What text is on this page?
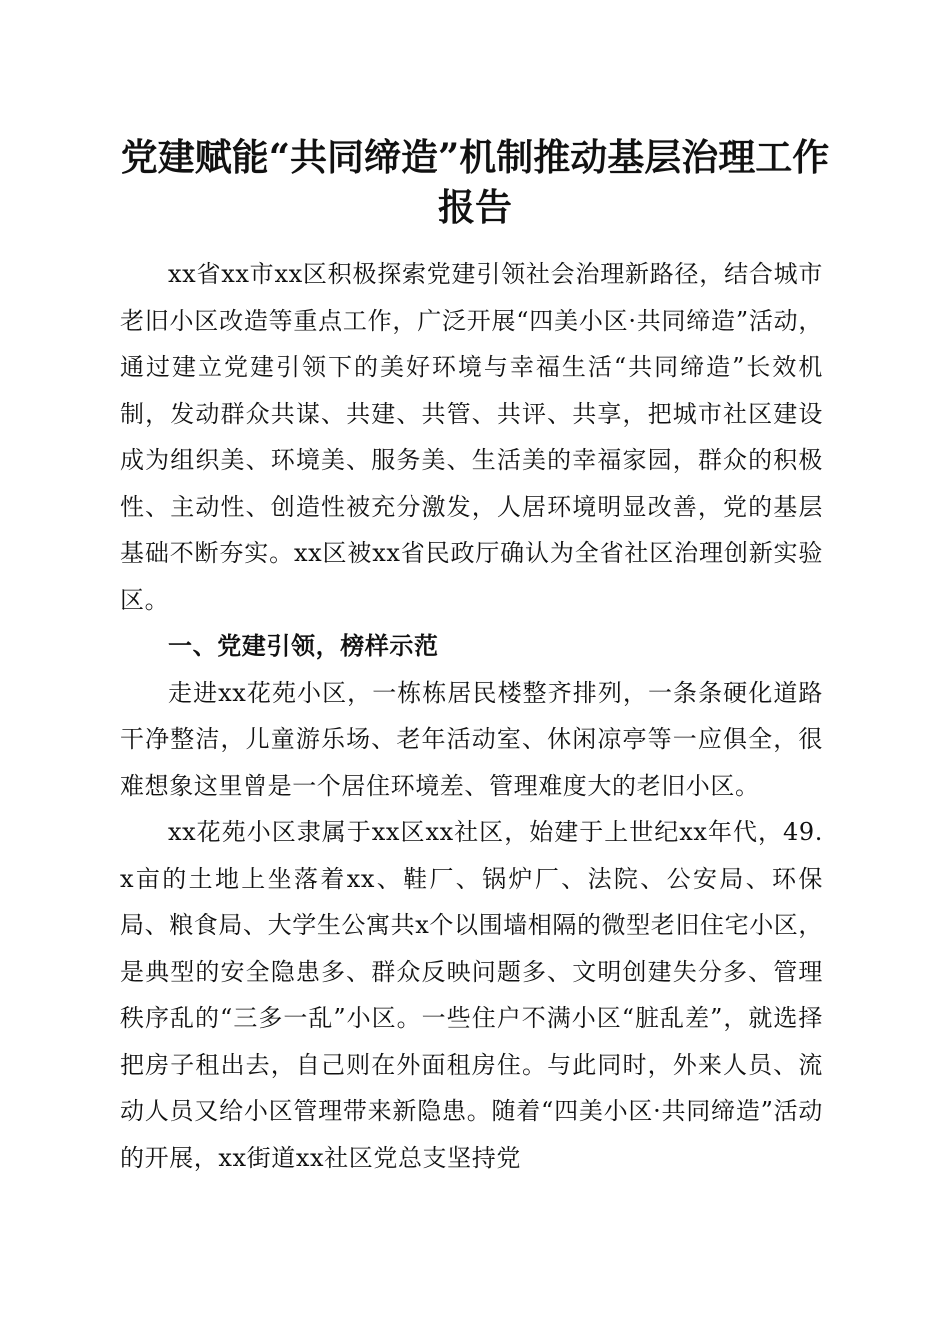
党建赋能“共同缔造”机制推动基层治理工作
报告

xx省xx市xx区积极探索党建引领社会治理新路径，结合城市老旧小区改造等重点工作，广泛开展“四美小区·共同缔造”活动，通过建立党建引领下的美好环境与幸福生活“共同缔造”长效机制，发动群众共谋、共建、共管、共评、共享，把城市社区建设成为组织美、环境美、服务美、生活美的幸福家园，群众的积极性、主动性、创造性被充分激发，人居环境明显改善，党的基层基础不断夯实。xx区被xx省民政厅确认为全省社区治理创新实验区。

一、党建引领，榜样示范

走进xx花苑小区，一栋栋居民楼整齐排列，一条条硬化道路干净整洁，儿童游乐场、老年活动室、休闲凉亭等一应俱全，很难想象这里曾是一个居住环境差、管理难度大的老旧小区。

xx花苑小区隶属于xx区xx社区，始建于上世纪xx年代，49.x亩的土地上坐落着xx、鞋厂、锅炉厂、法院、公安局、环保局、粮食局、大学生公寓共x个以围墙相隔的微型老旧住宅小区，是典型的安全隐患多、群众反映问题多、文明创建失分多、管理秩序乱的“三多一乱”小区。一些住户不满小区“脏乱差”，就选择把房子租出去，自己则在外面租房住。与此同时，外来人员、流动人员又给小区管理带来新隐患。随着“四美小区·共同缔造”活动的开展，xx街道xx社区党总支坚持党
